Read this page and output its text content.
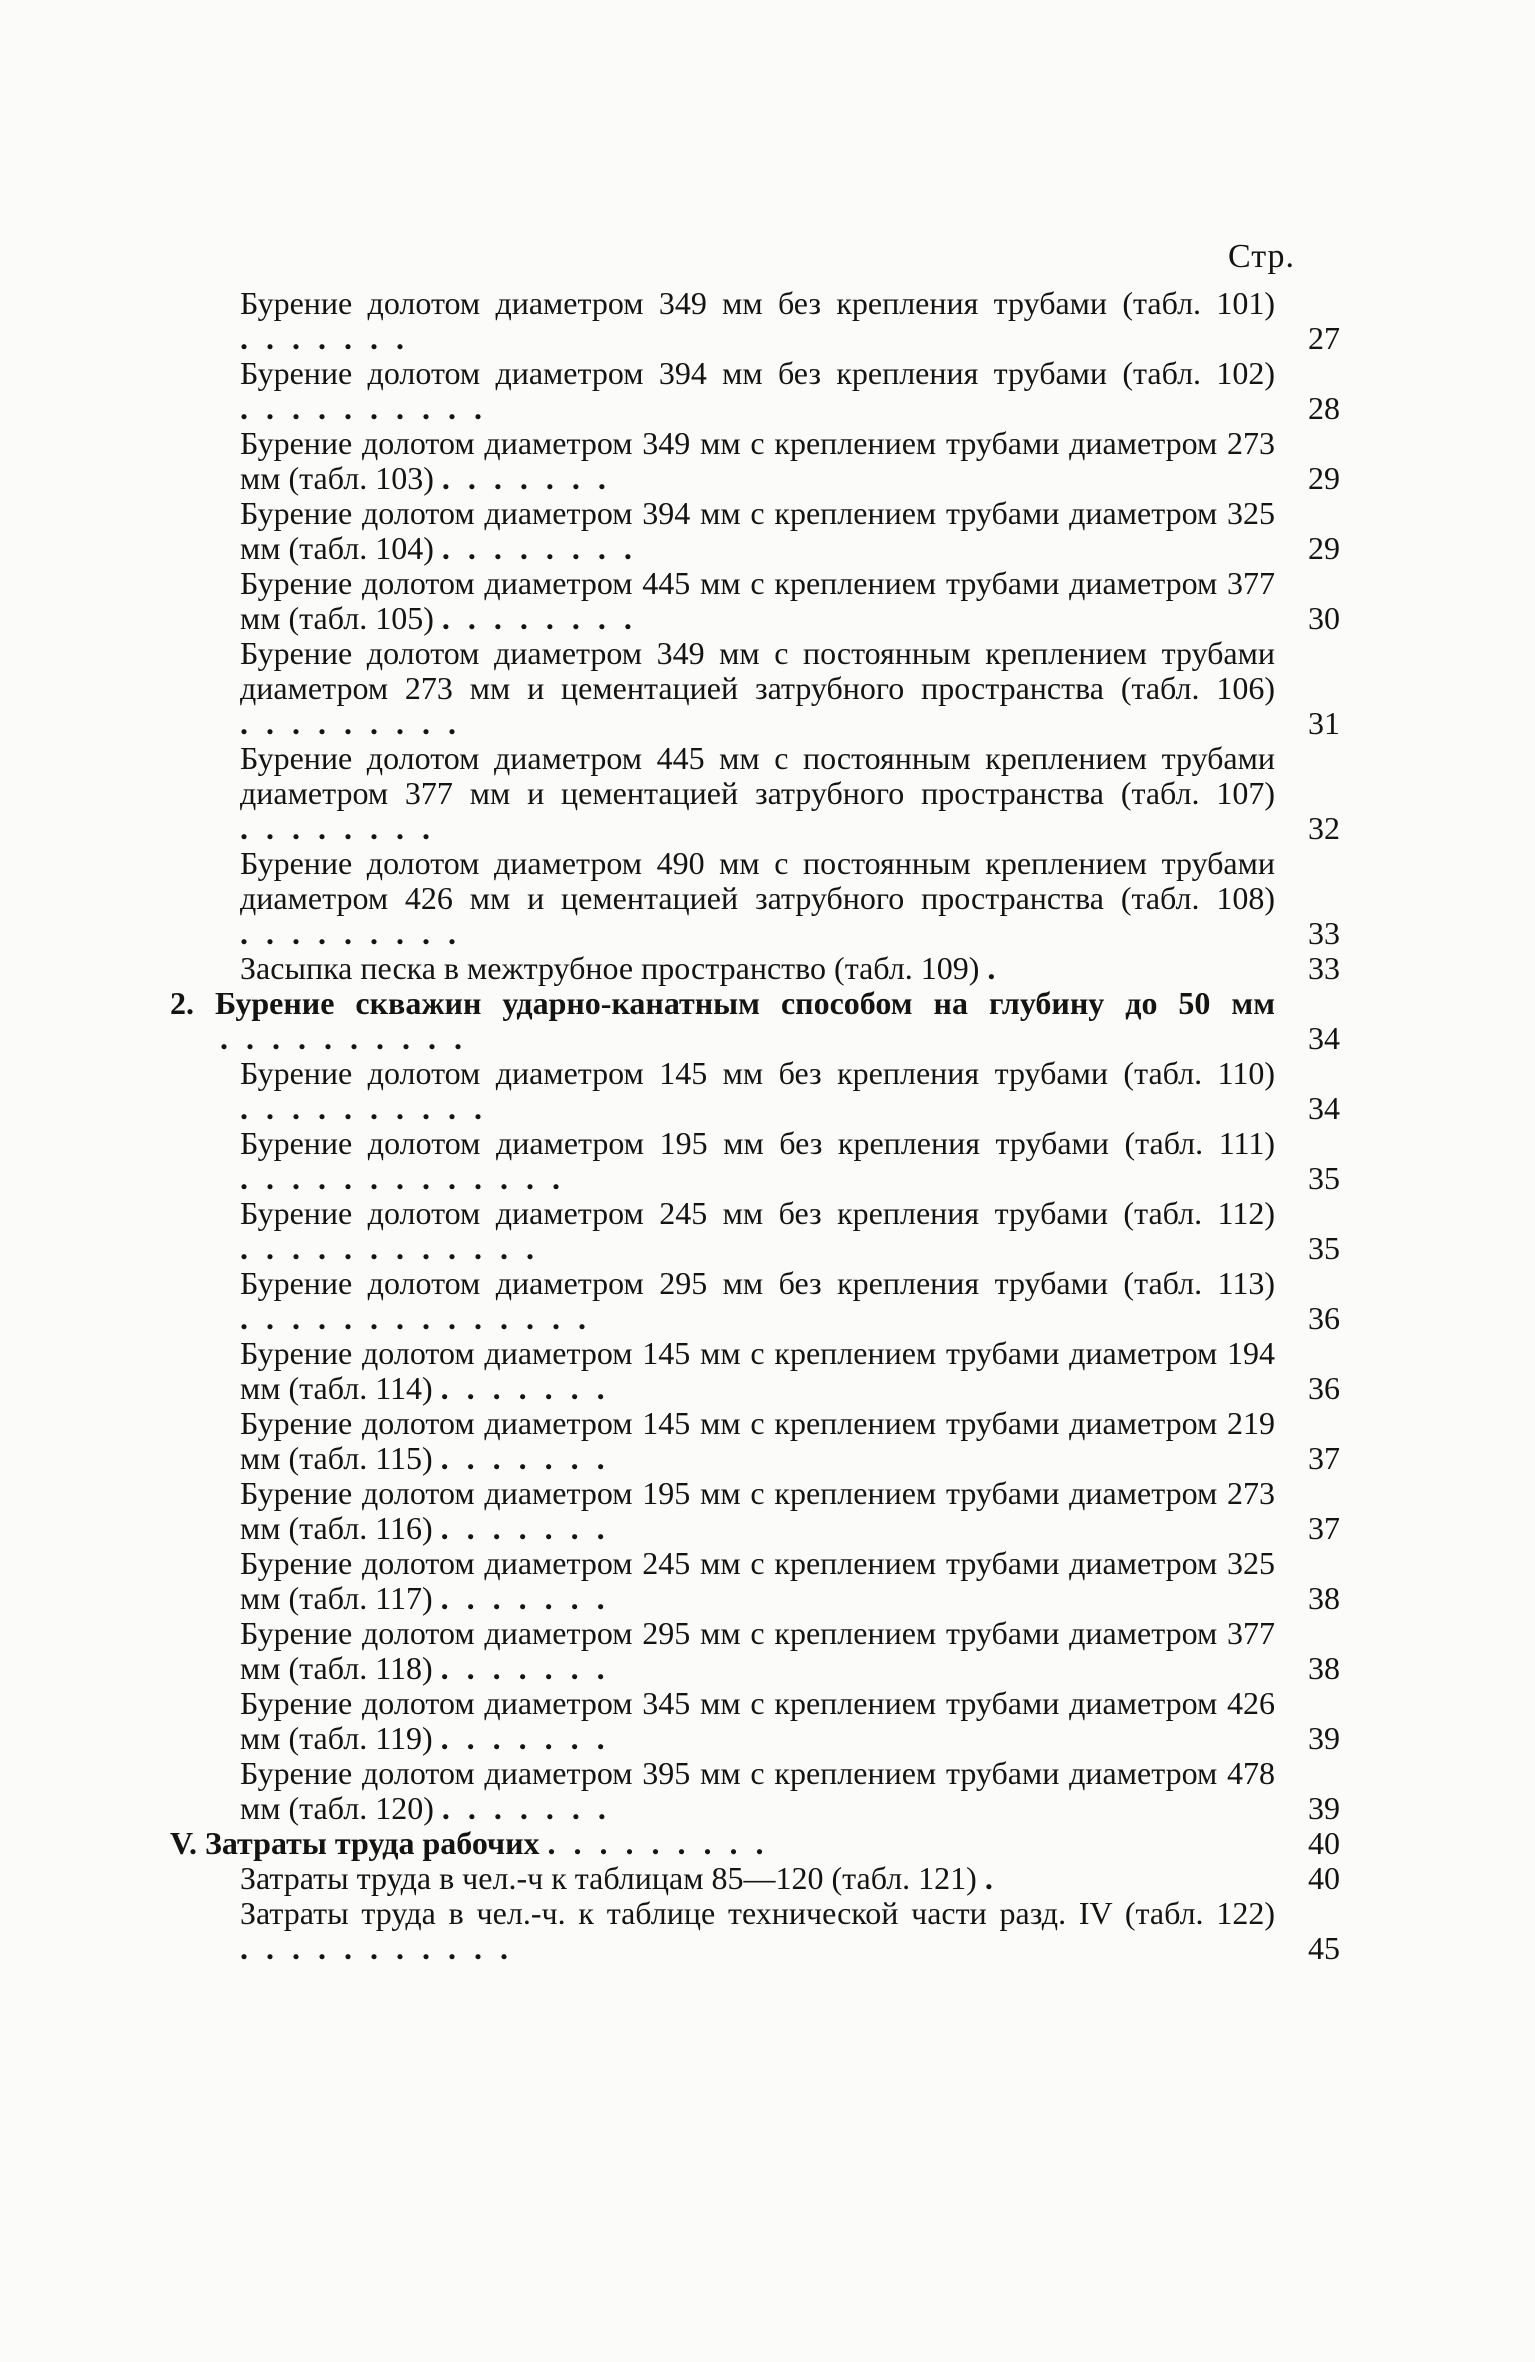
Стр.
Бурение долотом диаметром 349 мм без крепления трубами (табл. 101) .......	27
Бурение долотом диаметром 394 мм без крепления трубами (табл. 102) ..........	28
Бурение долотом диаметром 349 мм с креплением трубами диаметром 273 мм (табл. 103) .......	29
Бурение долотом диаметром 394 мм с креплением трубами диаметром 325 мм (табл. 104) ........	29
Бурение долотом диаметром 445 мм с креплением трубами диаметром 377 мм (табл. 105) ........	30
Бурение долотом диаметром 349 мм с постоянным креплением трубами диаметром 273 мм и цементацией затрубного пространства (табл. 106) .........	31
Бурение долотом диаметром 445 мм с постоянным креплением трубами диаметром 377 мм и цементацией затрубного пространства (табл. 107) ........	32
Бурение долотом диаметром 490 мм с постоянным креплением трубами диаметром 426 мм и цементацией затрубного пространства (табл. 108) .........	33
Засыпка песка в межтрубное пространство (табл. 109) .	33
2. Бурение скважин ударно-канатным способом на глубину до 50 мм ..........	34
Бурение долотом диаметром 145 мм без крепления трубами (табл. 110) ..........	34
Бурение долотом диаметром 195 мм без крепления трубами (табл. 111) .............	35
Бурение долотом диаметром 245 мм без крепления трубами (табл. 112) ............	35
Бурение долотом диаметром 295 мм без крепления трубами (табл. 113) ..............	36
Бурение долотом диаметром 145 мм с креплением трубами диаметром 194 мм (табл. 114) .......	36
Бурение долотом диаметром 145 мм с креплением трубами диаметром 219 мм (табл. 115) .......	37
Бурение долотом диаметром 195 мм с креплением трубами диаметром 273 мм (табл. 116) .......	37
Бурение долотом диаметром 245 мм с креплением трубами диаметром 325 мм (табл. 117) .......	38
Бурение долотом диаметром 295 мм с креплением трубами диаметром 377 мм (табл. 118) .......	38
Бурение долотом диаметром 345 мм с креплением трубами диаметром 426 мм (табл. 119) .......	39
Бурение долотом диаметром 395 мм с креплением трубами диаметром 478 мм (табл. 120) .......	39
V. Затраты труда рабочих .........	40
Затраты труда в чел.-ч к таблицам 85—120 (табл. 121) .	40
Затраты труда в чел.-ч. к таблице технической части разд. IV (табл. 122) ...........	45
